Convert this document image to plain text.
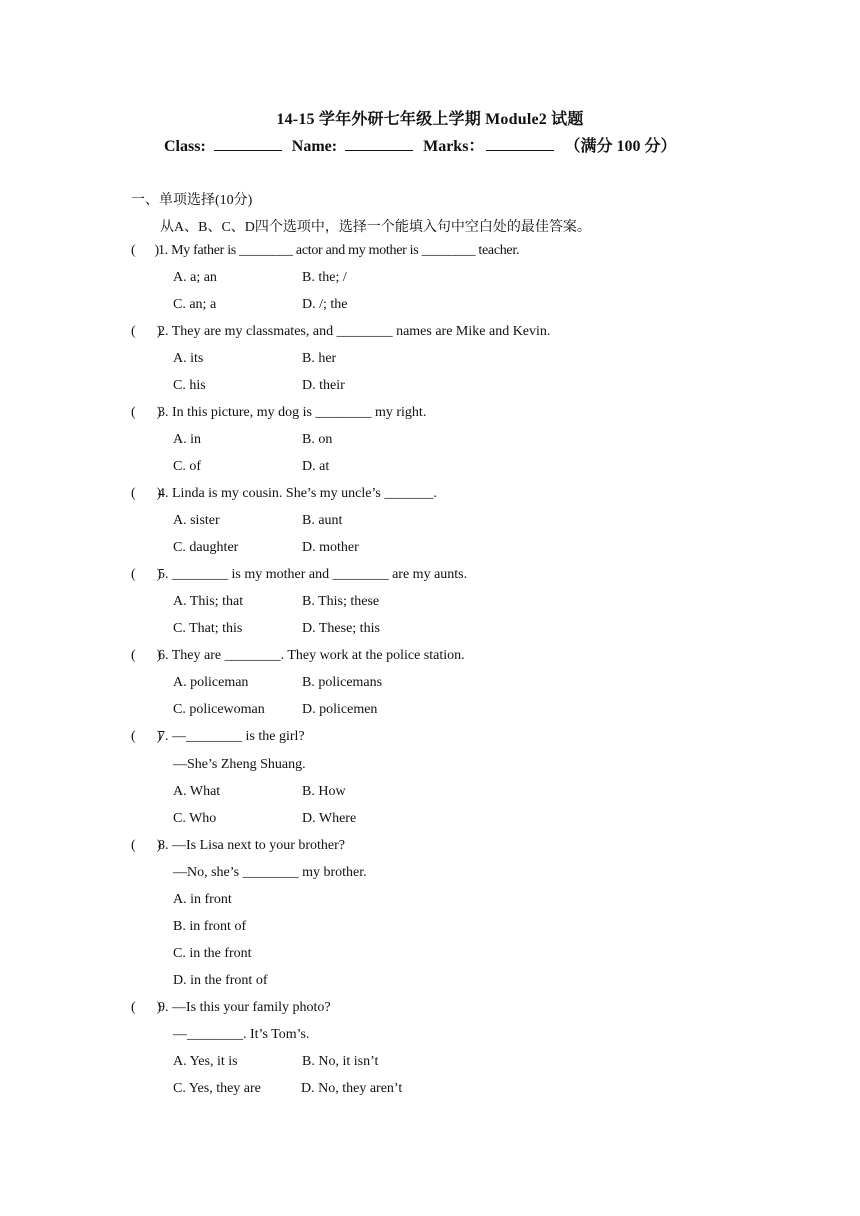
14-15 学年外研七年级上学期 Module2 试题
Class:	Name:	Marks：	（满分 100 分）
一、单项选择(10分)
从A、B、C、D四个选项中，选择一个能填入句中空白处的最佳答案。
(      )1. My father is ________ actor and my mother is ________ teacher.
A. a; an	B. the; /
C. an; a	D. /; the
(      )2. They are my classmates, and ________ names are Mike and Kevin.
A. its	B. her
C. his	D. their
(      )3. In this picture, my dog is ________ my right.
A. in	B. on
C. of	D. at
(      )4. Linda is my cousin. She’s my uncle’s _______.
A. sister	B. aunt
C. daughter	D. mother
(      )5. ________ is my mother and ________ are my aunts.
A. This; that	B. This; these
C. That; this	D. These; this
(      )6. They are ________. They work at the police station.
A. policeman	B. policemans
C. policewoman	D. policemen
(      )7. —________ is the girl?
—She’s Zheng Shuang.
A. What	B. How
C. Who	D. Where
(      )8. —Is Lisa next to your brother?
—No, she’s ________ my brother.
A. in front
B. in front of
C. in the front
D. in the front of
(      )9. —Is this your family photo?
—________. It’s Tom’s.
A. Yes, it is	B. No, it isn’t
C. Yes, they are	D. No, they aren’t
